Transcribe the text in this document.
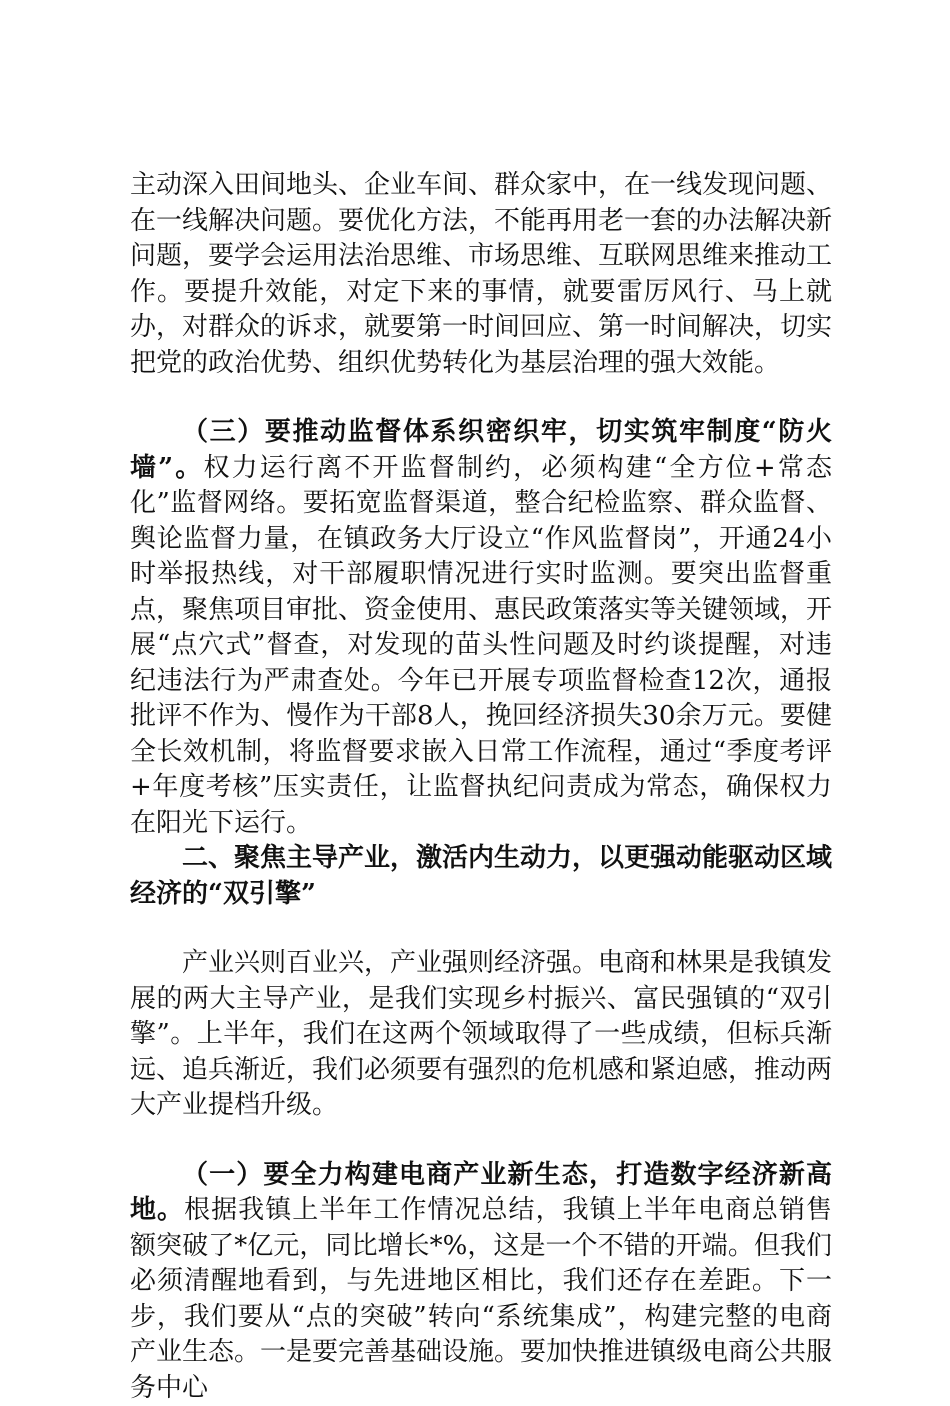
主动深入田间地头、企业车间、群众家中，在一线发现问题、在一线解决问题。要优化方法，不能再用老一套的办法解决新问题，要学会运用法治思维、市场思维、互联网思维来推动工作。要提升效能，对定下来的事情，就要雷厉风行、马上就办，对群众的诉求，就要第一时间回应、第一时间解决，切实把党的政治优势、组织优势转化为基层治理的强大效能。

（三）要推动监督体系织密织牢，切实筑牢制度“防火墙”。权力运行离不开监督制约，必须构建“全方位+常态化”监督网络。要拓宽监督渠道，整合纪检监察、群众监督、舆论监督力量，在镇政务大厅设立“作风监督岗”，开通24小时举报热线，对干部履职情况进行实时监测。要突出监督重点，聚焦项目审批、资金使用、惠民政策落实等关键领域，开展“点穴式”督查，对发现的苗头性问题及时约谈提醒，对违纪违法行为严肃查处。今年已开展专项监督检查12次，通报批评不作为、慢作为干部8人，挽回经济损失30余万元。要健全长效机制，将监督要求嵌入日常工作流程，通过“季度考评+年度考核”压实责任，让监督执纪问责成为常态，确保权力在阳光下运行。

二、聚焦主导产业，激活内生动力，以更强动能驱动区域经济的“双引擎”

产业兴则百业兴，产业强则经济强。电商和林果是我镇发展的两大主导产业，是我们实现乡村振兴、富民强镇的“双引擎”。上半年，我们在这两个领域取得了一些成绩，但标兵渐远、追兵渐近，我们必须要有强烈的危机感和紧迫感，推动两大产业提档升级。

（一）要全力构建电商产业新生态，打造数字经济新高地。根据我镇上半年工作情况总结，我镇上半年电商总销售额突破了*亿元，同比增长*%，这是一个不错的开端。但我们必须清醒地看到，与先进地区相比，我们还存在差距。下一步，我们要从“点的突破”转向“系统集成”，构建完整的电商产业生态。一是要完善基础设施。要加快推进镇级电商公共服务中心
